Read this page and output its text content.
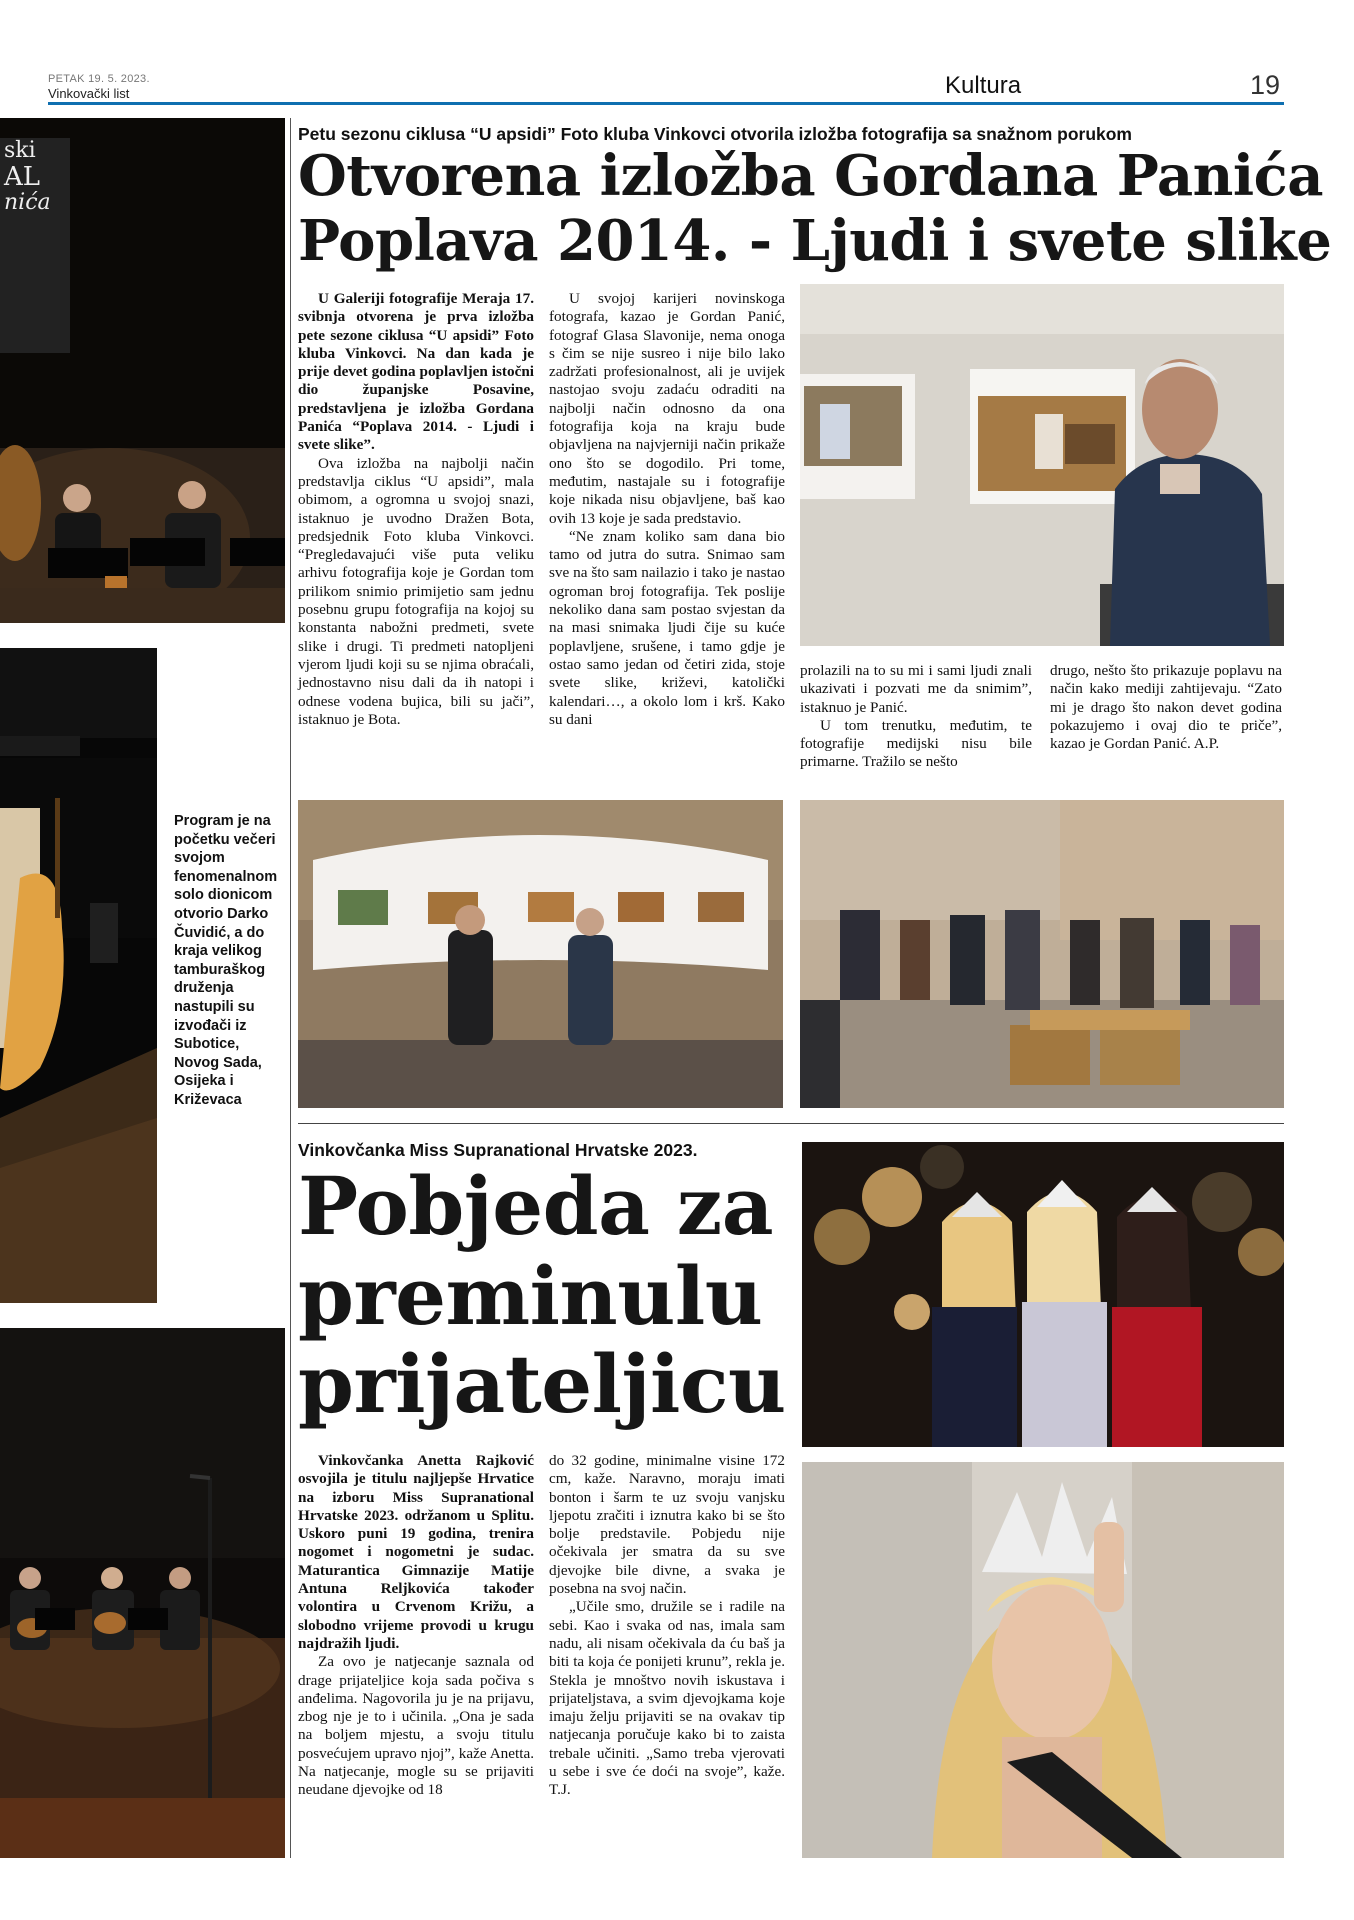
PETAK 19. 5. 2023.
Vinkovački list	Kultura	19
ski
AL
nića
Program je na početku večeri svojom fenomenalnom solo dionicom otvorio Darko Čuvidić, a do kraja velikog tamburaškog druženja nastupili su izvođači iz Subotice, Novog Sada, Osijeka i Križevaca
Petu sezonu ciklusa “U apsidi” Foto kluba Vinkovci otvorila izložba fotografija sa snažnom porukom
Otvorena izložba Gordana Panića
Poplava 2014. - Ljudi i svete slike

U Galeriji fotografije Meraja 17. svibnja otvorena je prva izložba pete sezone ciklusa “U apsidi” Foto kluba Vinkovci. Na dan kada je prije devet godina poplavljen istočni dio županjske Posavine, predstavljena je izložba Gordana Panića “Poplava 2014. - Ljudi i svete slike”.

Ova izložba na najbolji način predstavlja ciklus “U apsidi”, mala obimom, a ogromna u svojoj snazi, istaknuo je uvodno Dražen Bota, predsjednik Foto kluba Vinkovci. “Pregledavajući više puta veliku arhivu fotografija koje je Gordan tom prilikom snimio primijetio sam jednu posebnu grupu fotografija na kojoj su konstanta nabožni predmeti, svete slike i drugi. Ti predmeti natopljeni vjerom ljudi koji su se njima obraćali, jednostavno nisu dali da ih natopi i odnese vodena bujica, bili su jači”, istaknuo je Bota.

U svojoj karijeri novinskoga fotografa, kazao je Gordan Panić, fotograf Glasa Slavonije, nema onoga s čim se nije susreo i nije bilo lako zadržati profesionalnost, ali je uvijek nastojao svoju zadaću odraditi na najbolji način odnosno da ona fotografija koja na kraju bude objavljena na najvjerniji način prikaže ono što se dogodilo. Pri tome, međutim, nastajale su i fotografije koje nikada nisu objavljene, baš kao ovih 13 koje je sada predstavio.

“Ne znam koliko sam dana bio tamo od jutra do sutra. Snimao sam sve na što sam nailazio i tako je nastao ogroman broj fotografija. Tek poslije nekoliko dana sam postao svjestan da na masi snimaka ljudi čije su kuće poplavljene, srušene, i tamo gdje je ostao samo jedan od četiri zida, stoje svete slike, križevi, katolički kalendari…, a okolo lom i krš. Kako su dani

prolazili na to su mi i sami ljudi znali ukazivati i pozvati me da snimim”, istaknuo je Panić.

U tom trenutku, međutim, te fotografije medijski nisu bile primarne. Tražilo se nešto

drugo, nešto što prikazuje poplavu na način kako mediji zahtijevaju. “Zato mi je drago što nakon devet godina pokazujemo i ovaj dio te priče”, kazao je Gordan Panić. A.P.

Vinkovčanka Miss Supranational Hrvatske 2023.
Pobjeda za
preminulu
prijateljicu

Vinkovčanka Anetta Rajković osvojila je titulu najljepše Hrvatice na izboru Miss Supranational Hrvatske 2023. održanom u Splitu. Uskoro puni 19 godina, trenira nogomet i nogometni je sudac. Maturantica Gimnazije Matije Antuna Reljkovića također volontira u Crvenom Križu, a slobodno vrijeme provodi u krugu najdražih ljudi.

Za ovo je natjecanje saznala od drage prijateljice koja sada počiva s anđelima. Nagovorila ju je na prijavu, zbog nje je to i učinila. „Ona je sada na boljem mjestu, a svoju titulu posvećujem upravo njoj”, kaže Anetta. Na natjecanje, mogle su se prijaviti neudane djevojke od 18

do 32 godine, minimalne visine 172 cm, kaže. Naravno, moraju imati bonton i šarm te uz svoju vanjsku ljepotu zračiti i iznutra kako bi se što bolje predstavile. Pobjedu nije očekivala jer smatra da su sve djevojke bile divne, a svaka je posebna na svoj način.

„Učile smo, družile se i radile na sebi. Kao i svaka od nas, imala sam nadu, ali nisam očekivala da ću baš ja biti ta koja će ponijeti krunu”, rekla je. Stekla je mnoštvo novih iskustava i prijateljstava, a svim djevojkama koje imaju želju prijaviti se na ovakav tip natjecanja poručuje kako bi to zaista trebale učiniti. „Samo treba vjerovati u sebe i sve će doći na svoje”, kaže. T.J.
